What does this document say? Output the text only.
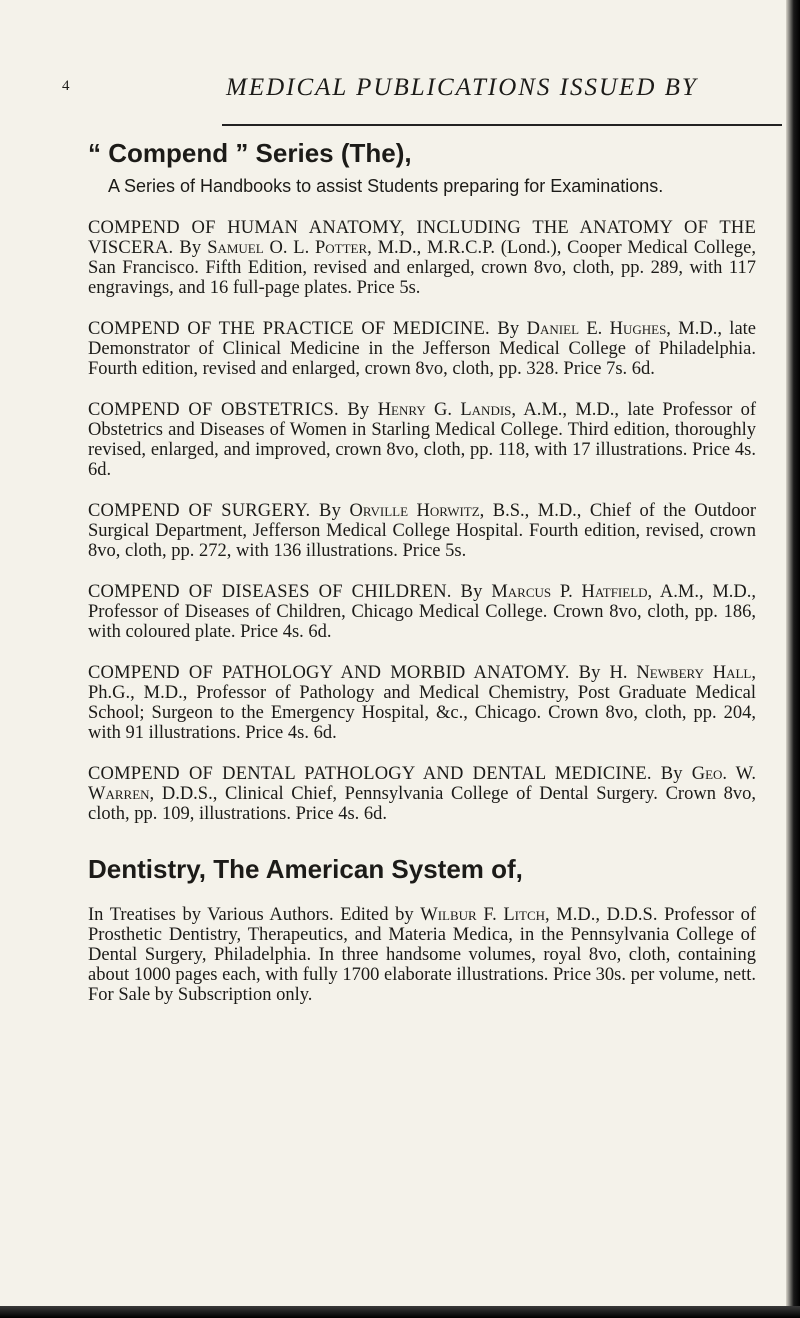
4	MEDICAL PUBLICATIONS ISSUED BY
“ Compend ” Series (The),

A Series of Handbooks to assist Students preparing for Examinations.

COMPEND OF HUMAN ANATOMY, INCLUDING THE ANATOMY OF THE VISCERA. By Samuel O. L. Potter, M.D., M.R.C.P. (Lond.), Cooper Medical College, San Francisco. Fifth Edition, revised and enlarged, crown 8vo, cloth, pp. 289, with 117 engravings, and 16 full-page plates. Price 5s.

COMPEND OF THE PRACTICE OF MEDICINE. By Daniel E. Hughes, M.D., late Demonstrator of Clinical Medicine in the Jefferson Medical College of Philadelphia. Fourth edition, revised and enlarged, crown 8vo, cloth, pp. 328. Price 7s. 6d.

COMPEND OF OBSTETRICS. By Henry G. Landis, A.M., M.D., late Professor of Obstetrics and Diseases of Women in Starling Medical College. Third edition, thoroughly revised, enlarged, and improved, crown 8vo, cloth, pp. 118, with 17 illustrations. Price 4s. 6d.

COMPEND OF SURGERY. By Orville Horwitz, B.S., M.D., Chief of the Outdoor Surgical Department, Jefferson Medical College Hospital. Fourth edition, revised, crown 8vo, cloth, pp. 272, with 136 illustrations. Price 5s.

COMPEND OF DISEASES OF CHILDREN. By Marcus P. Hatfield, A.M., M.D., Professor of Diseases of Children, Chicago Medical College. Crown 8vo, cloth, pp. 186, with coloured plate. Price 4s. 6d.

COMPEND OF PATHOLOGY AND MORBID ANATOMY. By H. Newbery Hall, Ph.G., M.D., Professor of Pathology and Medical Chemistry, Post Graduate Medical School; Surgeon to the Emergency Hospital, &c., Chicago. Crown 8vo, cloth, pp. 204, with 91 illustrations. Price 4s. 6d.

COMPEND OF DENTAL PATHOLOGY AND DENTAL MEDICINE. By Geo. W. Warren, D.D.S., Clinical Chief, Pennsylvania College of Dental Surgery. Crown 8vo, cloth, pp. 109, illustrations. Price 4s. 6d.

Dentistry, The American System of,

In Treatises by Various Authors. Edited by Wilbur F. Litch, M.D., D.D.S. Professor of Prosthetic Dentistry, Therapeutics, and Materia Medica, in the Pennsylvania College of Dental Surgery, Philadelphia. In three handsome volumes, royal 8vo, cloth, containing about 1000 pages each, with fully 1700 elaborate illustrations. Price 30s. per volume, nett. For Sale by Subscription only.
